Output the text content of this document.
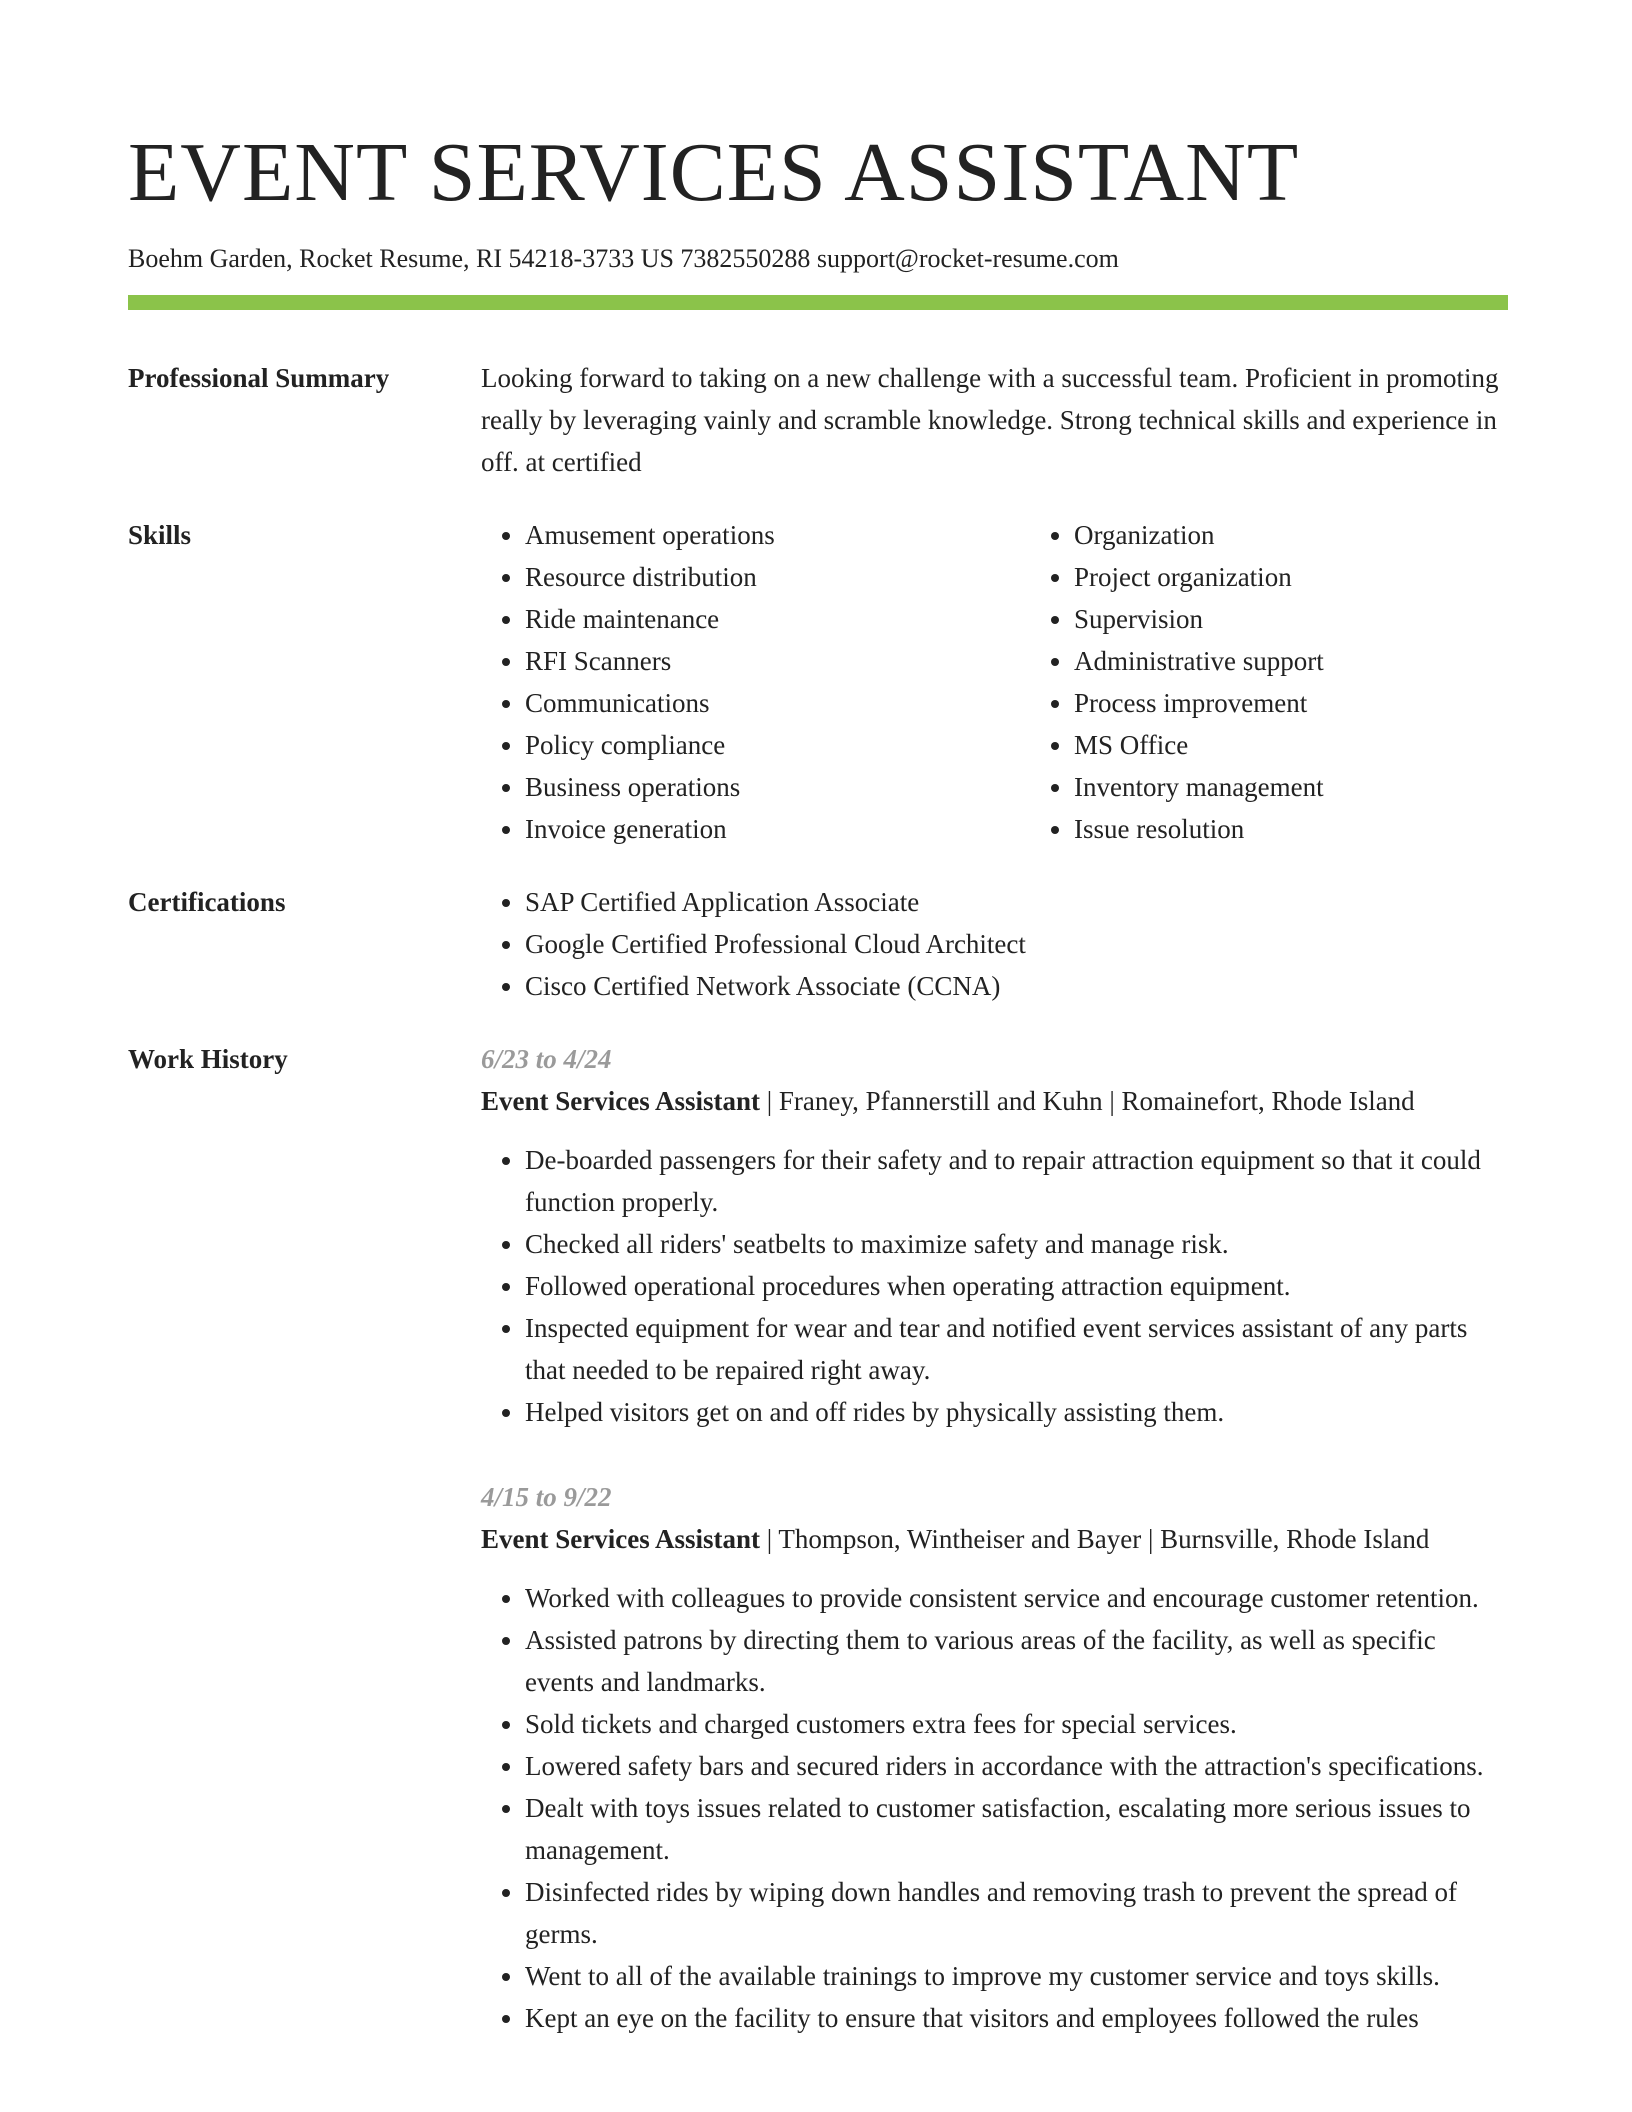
EVENT SERVICES ASSISTANT
Boehm Garden, Rocket Resume, RI 54218-3733 US 7382550288 support@rocket-resume.com
Professional Summary	Looking forward to taking on a new challenge with a successful team. Proficient in promoting really by leveraging vainly and scramble knowledge. Strong technical skills and experience in off. at certified
Skills	• Amusement operations
• Resource distribution
• Ride maintenance
• RFI Scanners
• Communications
• Policy compliance
• Business operations
• Invoice generation
• Organization
• Project organization
• Supervision
• Administrative support
• Process improvement
• MS Office
• Inventory management
• Issue resolution
Certifications	• SAP Certified Application Associate
• Google Certified Professional Cloud Architect
• Cisco Certified Network Associate (CCNA)
Work History	6/23 to 4/24
Event Services Assistant | Franey, Pfannerstill and Kuhn | Romainefort, Rhode Island
• De-boarded passengers for their safety and to repair attraction equipment so that it could function properly.
• Checked all riders' seatbelts to maximize safety and manage risk.
• Followed operational procedures when operating attraction equipment.
• Inspected equipment for wear and tear and notified event services assistant of any parts that needed to be repaired right away.
• Helped visitors get on and off rides by physically assisting them.
4/15 to 9/22
Event Services Assistant | Thompson, Wintheiser and Bayer | Burnsville, Rhode Island
• Worked with colleagues to provide consistent service and encourage customer retention.
• Assisted patrons by directing them to various areas of the facility, as well as specific events and landmarks.
• Sold tickets and charged customers extra fees for special services.
• Lowered safety bars and secured riders in accordance with the attraction's specifications.
• Dealt with toys issues related to customer satisfaction, escalating more serious issues to management.
• Disinfected rides by wiping down handles and removing trash to prevent the spread of germs.
• Went to all of the available trainings to improve my customer service and toys skills.
• Kept an eye on the facility to ensure that visitors and employees followed the rules
